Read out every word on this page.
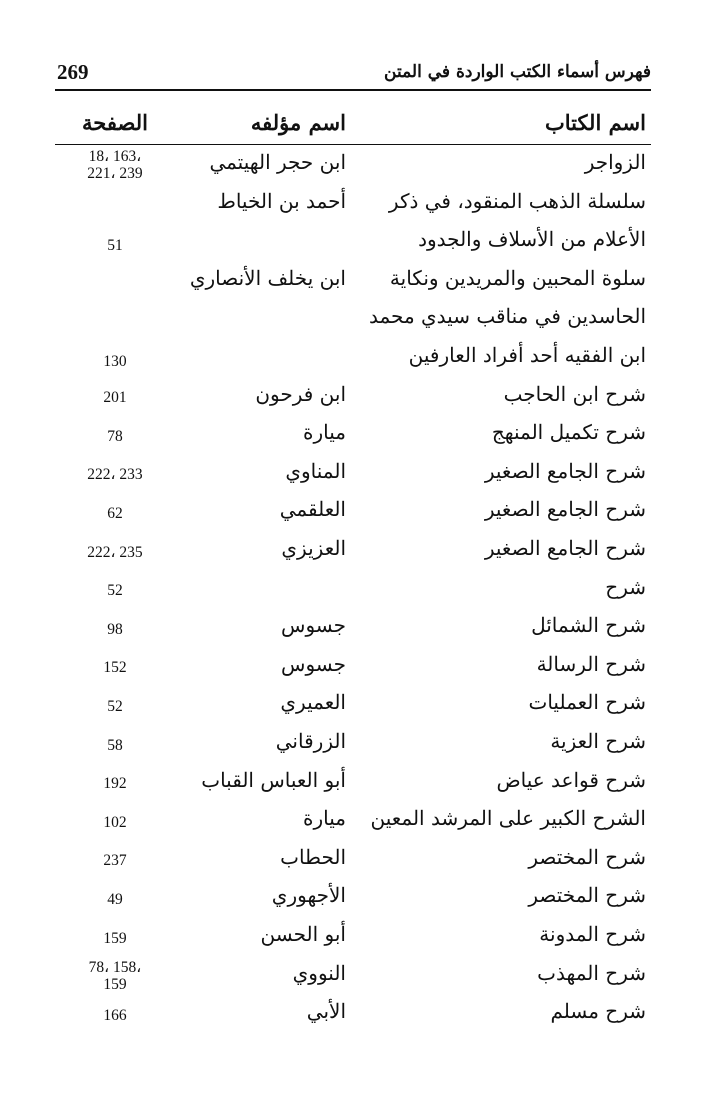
269	فهرس أسماء الكتب الواردة في المتن
اسم الكتاب
اسم مؤلفه
الصفحة
الزواجر
ابن حجر الهيتمي
18، 163،
221، 239
سلسلة الذهب المنقود، في ذكر
الأعلام من الأسلاف والجدود
أحمد بن الخياط
51
سلوة المحبين والمريدين ونكاية
الحاسدين في مناقب سيدي محمد
ابن الفقيه أحد أفراد العارفين
ابن يخلف الأنصاري
130
شرح ابن الحاجب
ابن فرحون
201
شرح تكميل المنهج
ميارة
78
شرح الجامع الصغير
المناوي
222، 233
شرح الجامع الصغير
العلقمي
62
شرح الجامع الصغير
العزيزي
222، 235
شرح
52
شرح الشمائل
جسوس
98
شرح الرسالة
جسوس
152
شرح العمليات
العميري
52
شرح العزية
الزرقاني
58
شرح قواعد عياض
أبو العباس القباب
192
الشرح الكبير على المرشد المعين
ميارة
102
شرح المختصر
الحطاب
237
شرح المختصر
الأجهوري
49
شرح المدونة
أبو الحسن
159
شرح المهذب
النووي
78، 158،
159
شرح مسلم
الأبي
166
